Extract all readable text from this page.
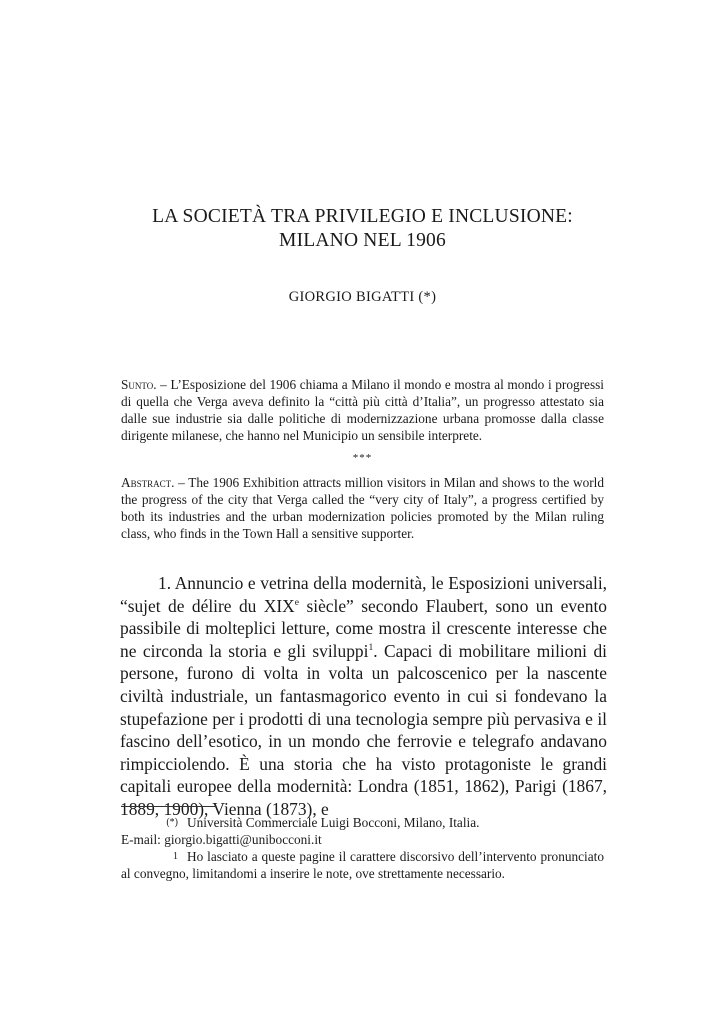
LA SOCIETÀ TRA PRIVILEGIO E INCLUSIONE:
MILANO NEL 1906
GIORGIO BIGATTI (*)
Sunto. – L’Esposizione del 1906 chiama a Milano il mondo e mostra al mondo i progressi di quella che Verga aveva definito la “città più città d’Italia”, un progresso attestato sia dalle sue industrie sia dalle politiche di modernizzazione urbana promosse dalla classe dirigente milanese, che hanno nel Municipio un sensibile interprete.
***
Abstract. – The 1906 Exhibition attracts million visitors in Milan and shows to the world the progress of the city that Verga called the “very city of Italy”, a progress certified by both its industries and the urban modernization policies promoted by the Milan ruling class, who finds in the Town Hall a sensitive supporter.

1. Annuncio e vetrina della modernità, le Esposizioni universali, “sujet de délire du XIXe siècle” secondo Flaubert, sono un evento passibile di molteplici letture, come mostra il crescente interesse che ne circonda la storia e gli sviluppi$^1$. Capaci di mobilitare milioni di persone, furono di volta in volta un palcoscenico per la nascente civiltà industriale, un fantasmagorico evento in cui si fondevano la stupefazione per i prodotti di una tecnologia sempre più pervasiva e il fascino dell’esotico, in un mondo che ferrovie e telegrafo andavano rimpicciolendo. È una storia che ha visto protagoniste le grandi capitali europee della modernità: Londra (1851, 1862), Parigi (1867, 1889, 1900), Vienna (1873), e

(*) Università Commerciale Luigi Bocconi, Milano, Italia.
E-mail: giorgio.bigatti@unibocconi.it
1 Ho lasciato a queste pagine il carattere discorsivo dell’intervento pronunciato al convegno, limitandomi a inserire le note, ove strettamente necessario.
